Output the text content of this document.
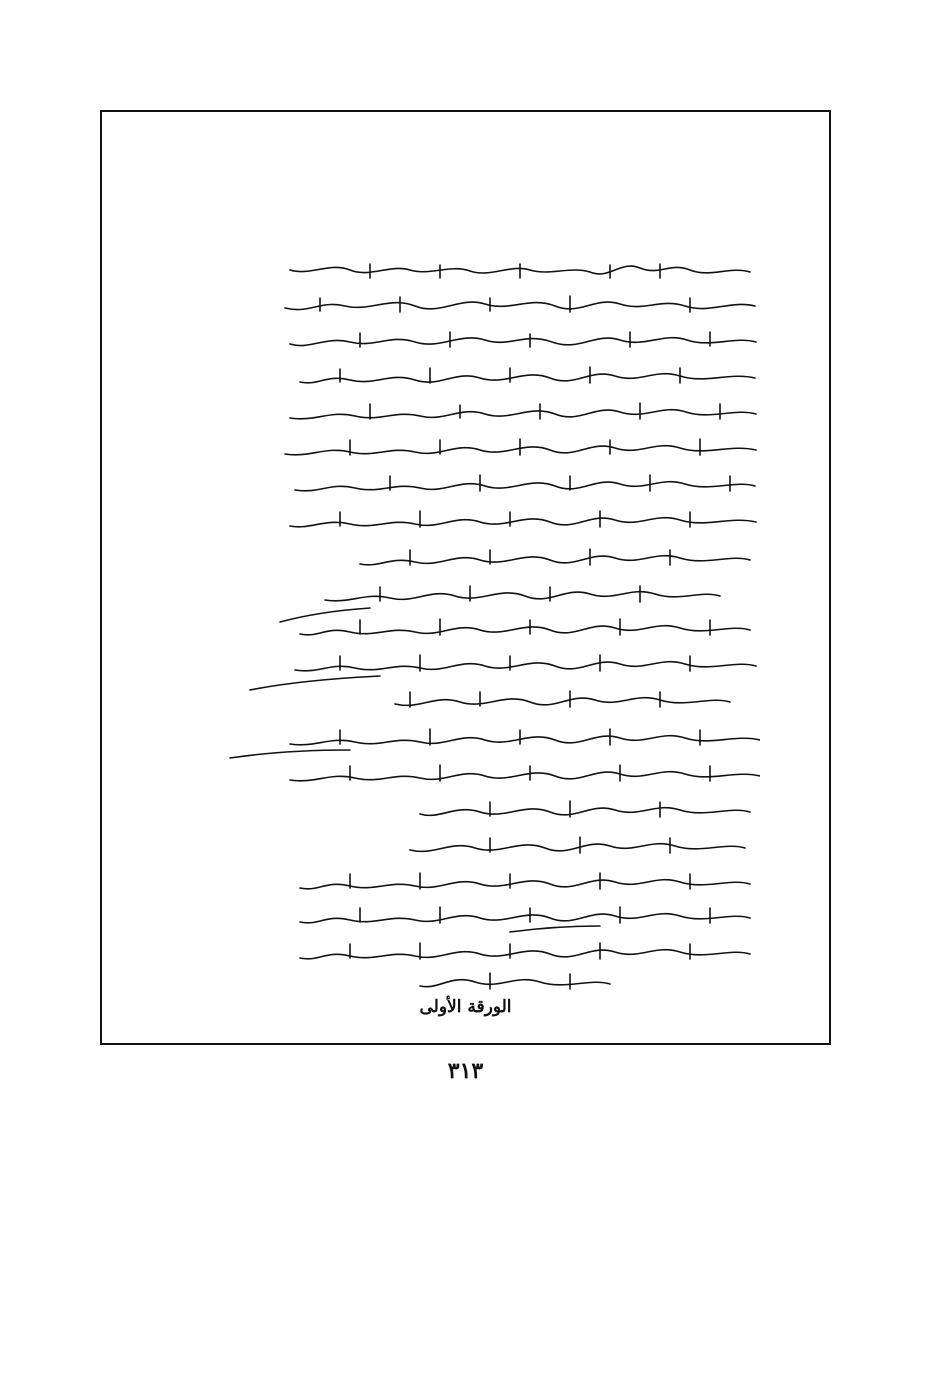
الورقة الأولى
٣١٣
